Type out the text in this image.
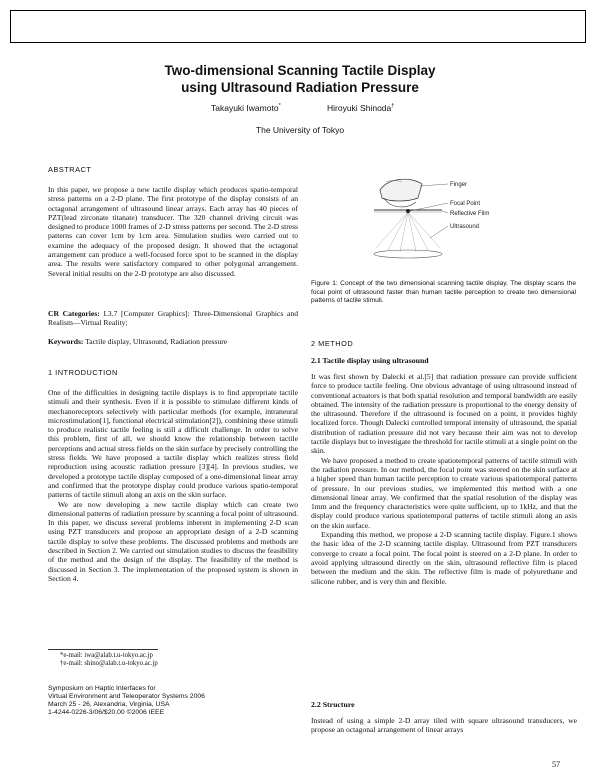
Two-dimensional Scanning Tactile Display
using Ultrasound Radiation Pressure
Takayuki Iwamoto*	Hiroyuki Shinoda†
The University of Tokyo
ABSTRACT

In this paper, we propose a new tactile display which produces spatio-temporal stress patterns on a 2-D plane. The first prototype of the display consists of an octagonal arrangement of ultrasound linear arrays. Each array has 40 pieces of PZT(lead zirconate titanate) transducer. The 320 channel driving circuit was designed to produce 1000 frames of 2-D stress patterns per second. The 2-D stress patterns can cover 1cm by 1cm area. Simulation studies were carried out to examine the adequacy of the proposed design. It showed that the octagonal arrangement can produce a well-focused force spot to be scanned in the display area. The results were satisfactory compared to other polygonal arrangement. Several initial results on the 2-D prototype are also discussed.

CR Categories: I.3.7 [Computer Graphics]: Three-Dimensional Graphics and Realism—Virtual Reality;

Keywords: Tactile display, Ultrasound, Radiation pressure

1 INTRODUCTION

One of the difficulties in designing tactile displays is to find appropriate tactile stimuli and their synthesis. Even if it is possible to stimulate different kinds of mechanoreceptors selectively with particular methods (for example, intraneural microstimulation[1], functional electrical stimulation[2]), combining these stimuli to produce realistic tactile feeling is still a difficult challenge. In order to solve this problem, first of all, we should know the relationship between tactile perceptions and actual stress fields on the skin surface by precisely controlling the stress fields. We have proposed a tactile display which realizes stress field reproduction using acoustic radiation pressure [3][4]. In previous studies, we developed a prototype tactile display composed of a one-dimensional linear array and confirmed that the prototype display could produce various spatio-temporal patterns of tactile stimuli along an axis on the skin surface.

We are now developing a new tactile display which can create two dimensional patterns of radiation pressure by scanning a focal point of ultrasound. In this paper, we discuss several problems inherent in implementing 2-D scan using PZT transducers and propose an appropriate design of a 2-D scanning tactile display to solve these problems. The discussed problems and methods are described in Section 2. We carried out simulation studies to discuss the feasibility of the method and the design of the display. The feasibility of the method is discussed in Section 3. The implementation of the proposed system is shown in Section 4.

*e-mail: iwa@alab.t.u-tokyo.ac.jp
†e-mail: shino@alab.t.u-tokyo.ac.jp
Symposium on Haptic Interfaces for
Virtual Environment and Teleoperator Systems 2006
March 25 - 26, Alexandria, Virginia, USA
1-4244-0226-3/06/$20.00 ©2006 IEEE
Finger
Focal Point
Reflective Film
Ultrasound
Figure 1: Concept of the two dimensional scanning tactile display. The display scans the focal point of ultrasound faster than human tactile perception to create two dimensional patterns of tactile stimuli.
2 METHOD
2.1 Tactile display using ultrasound

It was first shown by Dalecki et al.[5] that radiation pressure can provide sufficient force to produce tactile feeling. One obvious advantage of using ultrasound instead of conventional actuators is that both spatial resolution and temporal bandwidth are easily obtained. The intensity of the radiation pressure is proportional to the energy density of the ultrasound. Therefore if the ultrasound is focused on a point, it provides highly localized force. Though Dalecki controlled temporal intensity of ultrasound, the spatial distribution of radiation pressure did not vary because their aim was not to develop tactile displays but to investigate the threshold for tactile stimuli at a single point on the skin.

We have proposed a method to create spatiotemporal patterns of tactile stimuli with the radiation pressure. In our method, the focal point was steered on the skin surface at a higher speed than human tactile perception to create various spatiotemporal patterns of pressure. In our previous studies, we implemented this method with a one dimensional linear array. We confirmed that the spatial resolution of the display was 1mm and the frequency characteristics were quite sufficient, up to 1kHz, and that the display could produce various spatiotemporal patterns of tactile stimuli along an axis on the skin surface.

Expanding this method, we propose a 2-D scanning tactile display. Figure.1 shows the basic idea of the 2-D scanning tactile display. Ultrasound from PZT transducers converge to create a focal point. The focal point is steered on a 2-D plane. In order to avoid applying ultrasound directly on the skin, ultrasound reflective film is placed between the medium and the skin. The reflective film is made of polyurethane and silicone rubber, and is very thin and flexible.

2.2 Structure

Instead of using a simple 2-D array tiled with square ultrasound transducers, we propose an octagonal arrangement of linear arrays

57
